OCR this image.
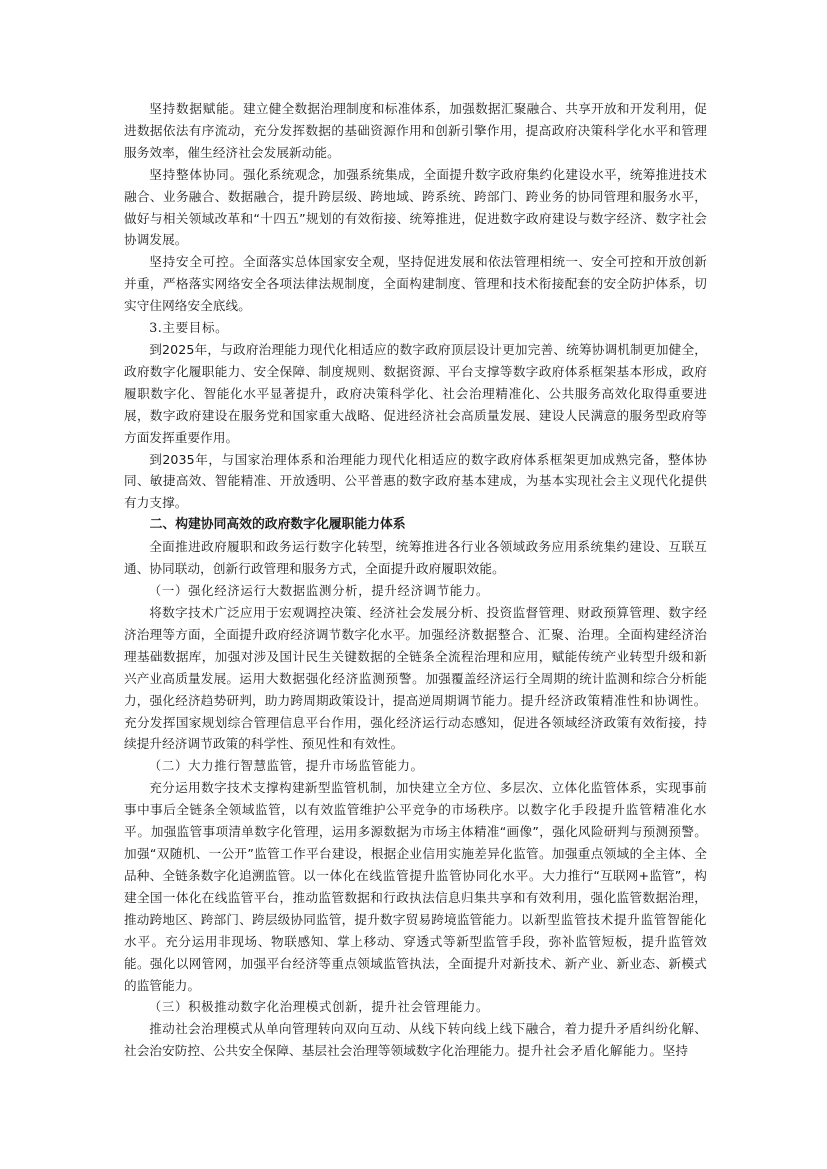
坚持数据赋能。建立健全数据治理制度和标准体系，加强数据汇聚融合、共享开放和开发利用，促进数据依法有序流动，充分发挥数据的基础资源作用和创新引擎作用，提高政府决策科学化水平和管理服务效率，催生经济社会发展新动能。

坚持整体协同。强化系统观念，加强系统集成，全面提升数字政府集约化建设水平，统筹推进技术融合、业务融合、数据融合，提升跨层级、跨地域、跨系统、跨部门、跨业务的协同管理和服务水平，做好与相关领域改革和“十四五”规划的有效衔接、统筹推进，促进数字政府建设与数字经济、数字社会协调发展。

坚持安全可控。全面落实总体国家安全观，坚持促进发展和依法管理相统一、安全可控和开放创新并重，严格落实网络安全各项法律法规制度，全面构建制度、管理和技术衔接配套的安全防护体系，切实守住网络安全底线。

3.主要目标。

到2025年，与政府治理能力现代化相适应的数字政府顶层设计更加完善、统筹协调机制更加健全，政府数字化履职能力、安全保障、制度规则、数据资源、平台支撑等数字政府体系框架基本形成，政府履职数字化、智能化水平显著提升，政府决策科学化、社会治理精准化、公共服务高效化取得重要进展，数字政府建设在服务党和国家重大战略、促进经济社会高质量发展、建设人民满意的服务型政府等方面发挥重要作用。

到2035年，与国家治理体系和治理能力现代化相适应的数字政府体系框架更加成熟完备，整体协同、敏捷高效、智能精准、开放透明、公平普惠的数字政府基本建成，为基本实现社会主义现代化提供有力支撑。

二、构建协同高效的政府数字化履职能力体系

全面推进政府履职和政务运行数字化转型，统筹推进各行业各领域政务应用系统集约建设、互联互通、协同联动，创新行政管理和服务方式，全面提升政府履职效能。

（一）强化经济运行大数据监测分析，提升经济调节能力。

将数字技术广泛应用于宏观调控决策、经济社会发展分析、投资监督管理、财政预算管理、数字经济治理等方面，全面提升政府经济调节数字化水平。加强经济数据整合、汇聚、治理。全面构建经济治理基础数据库，加强对涉及国计民生关键数据的全链条全流程治理和应用，赋能传统产业转型升级和新兴产业高质量发展。运用大数据强化经济监测预警。加强覆盖经济运行全周期的统计监测和综合分析能力，强化经济趋势研判，助力跨周期政策设计，提高逆周期调节能力。提升经济政策精准性和协调性。充分发挥国家规划综合管理信息平台作用，强化经济运行动态感知，促进各领域经济政策有效衔接，持续提升经济调节政策的科学性、预见性和有效性。

（二）大力推行智慧监管，提升市场监管能力。

充分运用数字技术支撑构建新型监管机制，加快建立全方位、多层次、立体化监管体系，实现事前事中事后全链条全领域监管，以有效监管维护公平竞争的市场秩序。以数字化手段提升监管精准化水平。加强监管事项清单数字化管理，运用多源数据为市场主体精准“画像”，强化风险研判与预测预警。加强“双随机、一公开”监管工作平台建设，根据企业信用实施差异化监管。加强重点领域的全主体、全品种、全链条数字化追溯监管。以一体化在线监管提升监管协同化水平。大力推行“互联网+监管”，构建全国一体化在线监管平台，推动监管数据和行政执法信息归集共享和有效利用，强化监管数据治理，推动跨地区、跨部门、跨层级协同监管，提升数字贸易跨境监管能力。以新型监管技术提升监管智能化水平。充分运用非现场、物联感知、掌上移动、穿透式等新型监管手段，弥补监管短板，提升监管效能。强化以网管网，加强平台经济等重点领域监管执法，全面提升对新技术、新产业、新业态、新模式的监管能力。

（三）积极推动数字化治理模式创新，提升社会管理能力。

推动社会治理模式从单向管理转向双向互动、从线下转向线上线下融合，着力提升矛盾纠纷化解、社会治安防控、公共安全保障、基层社会治理等领域数字化治理能力。提升社会矛盾化解能力。坚持
